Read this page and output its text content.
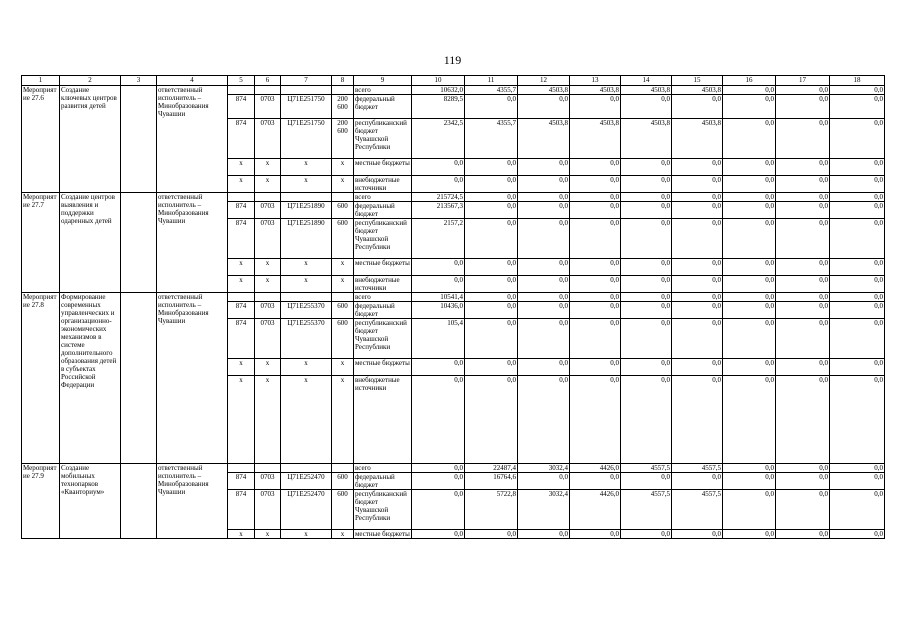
119
1	2	3	4	5	6	7	8	9	10	11	12	13	14	15	16	17	18
Мероприятие 27.6	Создание ключевых центров развития детей		ответственный исполнитель – Минобразования Чувашии					всего	10632,0	4355,7	4503,8	4503,8	4503,8	4503,8	0,0	0,0	0,0
				874	0703	Ц71Е251750	200 600	федеральный бюджет	8289,5	0,0	0,0	0,0	0,0	0,0	0,0	0,0	0,0
				874	0703	Ц71Е251750	200 600	республиканский бюджет Чувашской Республики	2342,5	4355,7	4503,8	4503,8	4503,8	4503,8	0,0	0,0	0,0
				x	x	x	x	местные бюджеты	0,0	0,0	0,0	0,0	0,0	0,0	0,0	0,0	0,0
				x	x	x	x	внебюджетные источники	0,0	0,0	0,0	0,0	0,0	0,0	0,0	0,0	0,0
Мероприятие 27.7	Создание центров выявления и поддержки одаренных детей		ответственный исполнитель – Минобразования Чувашии					всего	215724,5	0,0	0,0	0,0	0,0	0,0	0,0	0,0	0,0
				874	0703	Ц71Е251890	600	федеральный бюджет	213567,3	0,0	0,0	0,0	0,0	0,0	0,0	0,0	0,0
				874	0703	Ц71Е251890	600	республиканский бюджет Чувашской Республики	2157,2	0,0	0,0	0,0	0,0	0,0	0,0	0,0	0,0
				x	x	x	x	местные бюджеты	0,0	0,0	0,0	0,0	0,0	0,0	0,0	0,0	0,0
				x	x	x	x	внебюджетные источники	0,0	0,0	0,0	0,0	0,0	0,0	0,0	0,0	0,0
Мероприятие 27.8	Формирование современных управленческих и организационно-экономических механизмов в системе дополнительного образования детей в субъектах Российской Федерации		ответственный исполнитель – Минобразования Чувашии					всего	10541,4	0,0	0,0	0,0	0,0	0,0	0,0	0,0	0,0
				874	0703	Ц71Е255370	600	федеральный бюджет	10436,0	0,0	0,0	0,0	0,0	0,0	0,0	0,0	0,0
				874	0703	Ц71Е255370	600	республиканский бюджет Чувашской Республики	105,4	0,0	0,0	0,0	0,0	0,0	0,0	0,0	0,0
				x	x	x	x	местные бюджеты	0,0	0,0	0,0	0,0	0,0	0,0	0,0	0,0	0,0
				x	x	x	x	внебюджетные источники	0,0	0,0	0,0	0,0	0,0	0,0	0,0	0,0	0,0
Мероприятие 27.9	Создание мобильных технопарков «Кванториум»		ответственный исполнитель – Минобразования Чувашии					всего	0,0	22487,4	3032,4	4426,0	4557,5	4557,5	0,0	0,0	0,0
				874	0703	Ц71Е252470	600	федеральный бюджет	0,0	16764,6	0,0	0,0	0,0	0,0	0,0	0,0	0,0
				874	0703	Ц71Е252470	600	республиканский бюджет Чувашской Республики	0,0	5722,8	3032,4	4426,0	4557,5	4557,5	0,0	0,0	0,0
				x	x	x	x	местные бюджеты	0,0	0,0	0,0	0,0	0,0	0,0	0,0	0,0	0,0
